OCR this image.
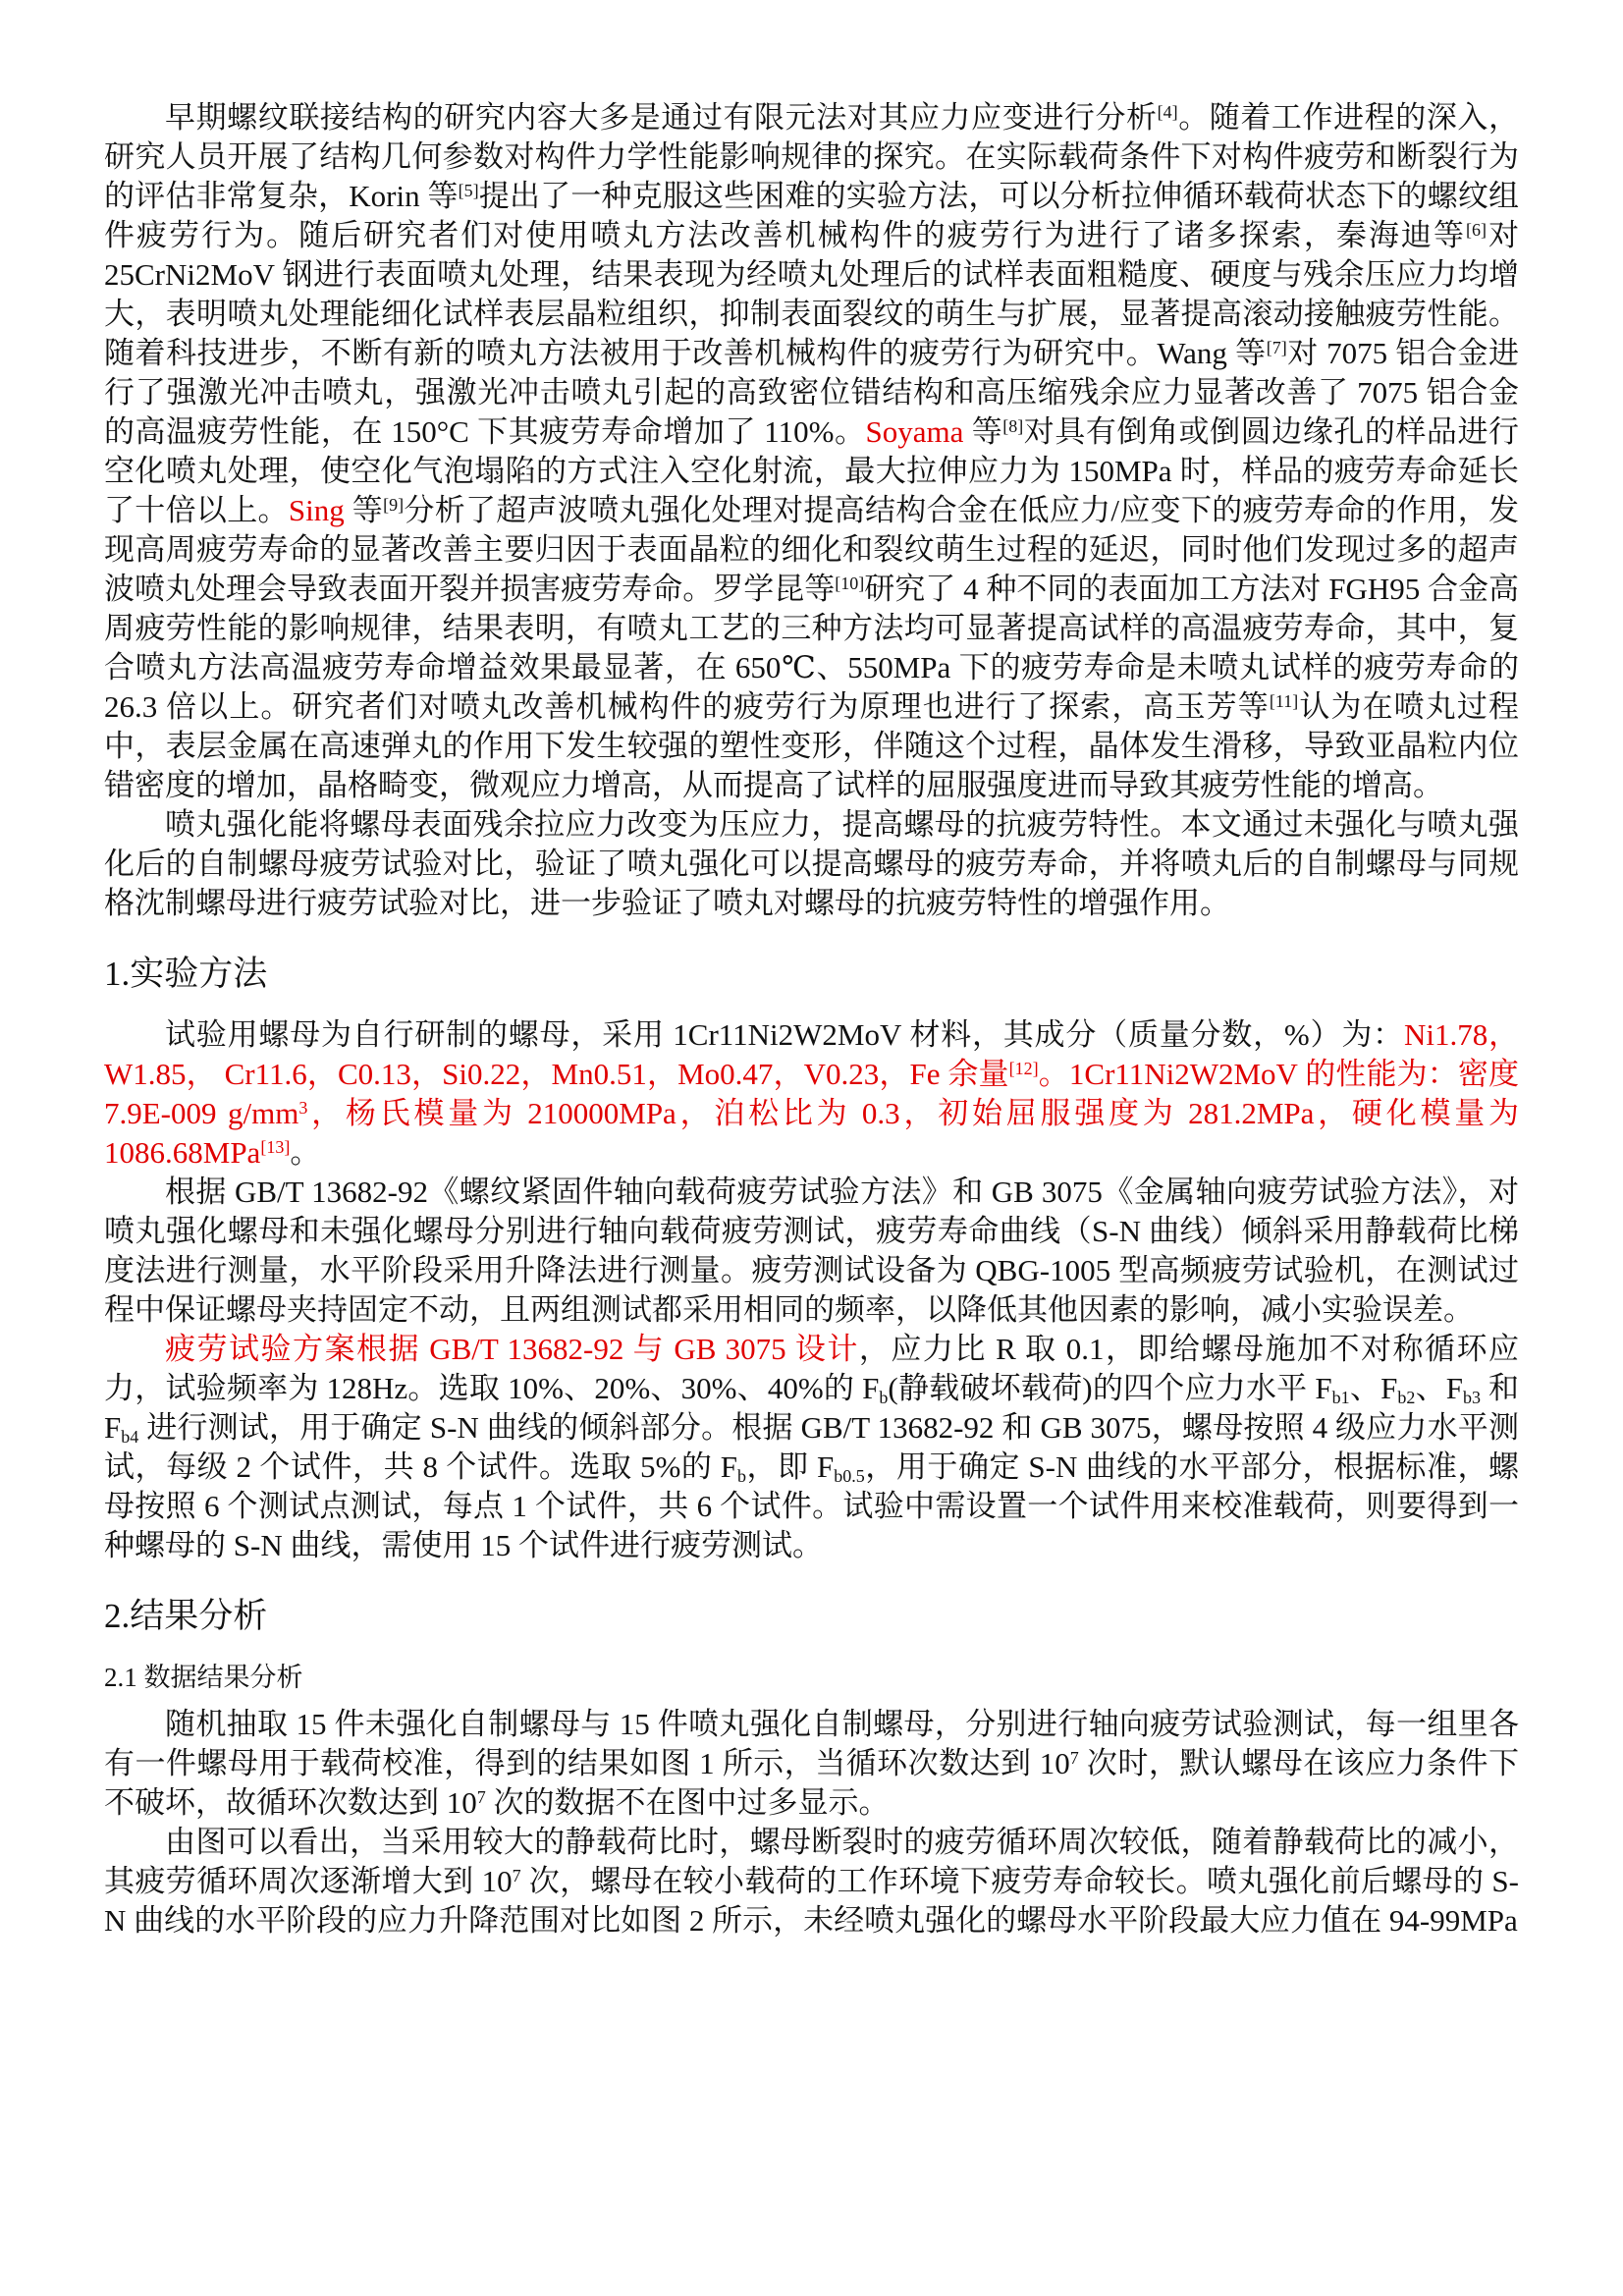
早期螺纹联接结构的研究内容大多是通过有限元法对其应力应变进行分析[4]。随着工作进程的深入，研究人员开展了结构几何参数对构件力学性能影响规律的探究。在实际载荷条件下对构件疲劳和断裂行为的评估非常复杂，Korin 等[5]提出了一种克服这些困难的实验方法，可以分析拉伸循环载荷状态下的螺纹组件疲劳行为。随后研究者们对使用喷丸方法改善机械构件的疲劳行为进行了诸多探索，秦海迪等[6]对 25CrNi2MoV 钢进行表面喷丸处理，结果表现为经喷丸处理后的试样表面粗糙度、硬度与残余压应力均增大，表明喷丸处理能细化试样表层晶粒组织，抑制表面裂纹的萌生与扩展，显著提高滚动接触疲劳性能。随着科技进步，不断有新的喷丸方法被用于改善机械构件的疲劳行为研究中。Wang 等[7]对 7075 铝合金进行了强激光冲击喷丸，强激光冲击喷丸引起的高致密位错结构和高压缩残余应力显著改善了 7075 铝合金的高温疲劳性能，在 150°C 下其疲劳寿命增加了 110%。Soyama 等[8]对具有倒角或倒圆边缘孔的样品进行空化喷丸处理，使空化气泡塌陷的方式注入空化射流，最大拉伸应力为 150MPa 时，样品的疲劳寿命延长了十倍以上。Sing 等[9]分析了超声波喷丸强化处理对提高结构合金在低应力/应变下的疲劳寿命的作用，发现高周疲劳寿命的显著改善主要归因于表面晶粒的细化和裂纹萌生过程的延迟，同时他们发现过多的超声波喷丸处理会导致表面开裂并损害疲劳寿命。罗学昆等[10]研究了 4 种不同的表面加工方法对 FGH95 合金高周疲劳性能的影响规律，结果表明，有喷丸工艺的三种方法均可显著提高试样的高温疲劳寿命，其中，复合喷丸方法高温疲劳寿命增益效果最显著，在 650℃、550MPa 下的疲劳寿命是未喷丸试样的疲劳寿命的 26.3 倍以上。研究者们对喷丸改善机械构件的疲劳行为原理也进行了探索，高玉芳等[11]认为在喷丸过程中，表层金属在高速弹丸的作用下发生较强的塑性变形，伴随这个过程，晶体发生滑移，导致亚晶粒内位错密度的增加，晶格畸变，微观应力增高，从而提高了试样的屈服强度进而导致其疲劳性能的增高。

喷丸强化能将螺母表面残余拉应力改变为压应力，提高螺母的抗疲劳特性。本文通过未强化与喷丸强化后的自制螺母疲劳试验对比，验证了喷丸强化可以提高螺母的疲劳寿命，并将喷丸后的自制螺母与同规格沈制螺母进行疲劳试验对比，进一步验证了喷丸对螺母的抗疲劳特性的增强作用。

1.实验方法

试验用螺母为自行研制的螺母，采用 1Cr11Ni2W2MoV 材料，其成分（质量分数，%）为：Ni1.78，W1.85， Cr11.6，C0.13，Si0.22，Mn0.51，Mo0.47，V0.23，Fe 余量[12]。1Cr11Ni2W2MoV 的性能为：密度 7.9E-009 $g/mm^3$，杨氏模量为 210000MPa，泊松比为 0.3，初始屈服强度为 281.2MPa，硬化模量为 1086.68MPa[13]。

根据 GB/T 13682-92《螺纹紧固件轴向载荷疲劳试验方法》和 GB 3075《金属轴向疲劳试验方法》，对喷丸强化螺母和未强化螺母分别进行轴向载荷疲劳测试，疲劳寿命曲线（S-N 曲线）倾斜采用静载荷比梯度法进行测量，水平阶段采用升降法进行测量。疲劳测试设备为 QBG-1005 型高频疲劳试验机，在测试过程中保证螺母夹持固定不动，且两组测试都采用相同的频率，以降低其他因素的影响，减小实验误差。

疲劳试验方案根据 GB/T 13682-92 与 GB 3075 设计，应力比 R 取 0.1，即给螺母施加不对称循环应力，试验频率为 128Hz。选取 10%、20%、30%、40%的 $F_b$(静载破坏载荷)的四个应力水平 $F_{b1}$、$F_{b2}$、$F_{b3}$ 和 $F_{b4}$ 进行测试，用于确定 S-N 曲线的倾斜部分。根据 GB/T 13682-92 和 GB 3075，螺母按照 4 级应力水平测试，每级 2 个试件，共 8 个试件。选取 5%的 $F_b$，即 $F_{b0.5}$，用于确定 S-N 曲线的水平部分，根据标准，螺母按照 6 个测试点测试，每点 1 个试件，共 6 个试件。试验中需设置一个试件用来校准载荷，则要得到一种螺母的 S-N 曲线，需使用 15 个试件进行疲劳测试。

2.结果分析
2.1 数据结果分析

随机抽取 15 件未强化自制螺母与 15 件喷丸强化自制螺母，分别进行轴向疲劳试验测试，每一组里各有一件螺母用于载荷校准，得到的结果如图 1 所示，当循环次数达到 $10^7$ 次时，默认螺母在该应力条件下不破坏，故循环次数达到 $10^7$ 次的数据不在图中过多显示。

由图可以看出，当采用较大的静载荷比时，螺母断裂时的疲劳循环周次较低，随着静载荷比的减小，其疲劳循环周次逐渐增大到 $10^7$ 次，螺母在较小载荷的工作环境下疲劳寿命较长。喷丸强化前后螺母的 S-N 曲线的水平阶段的应力升降范围对比如图 2 所示，未经喷丸强化的螺母水平阶段最大应力值在 94-99MPa
